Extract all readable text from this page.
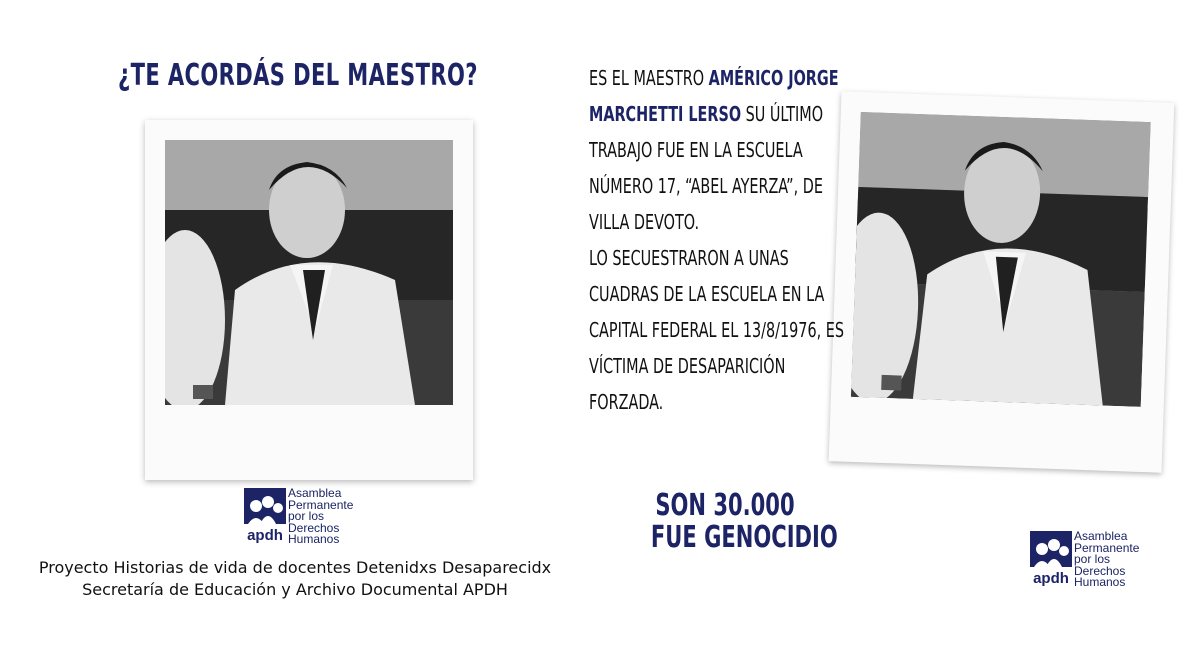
¿TE ACORDÁS DEL MAESTRO?	ES EL MAESTRO AMÉRICO JORGE MARCHETTI LERSO SU ÚLTIMO TRABAJO FUE EN LA ESCUELA NÚMERO 17, “ABEL AYERZA”, DE VILLA DEVOTO.
LO SECUESTRARON A UNAS CUADRAS DE LA ESCUELA EN LA CAPITAL FEDERAL EL 13/8/1976, ES VÍCTIMA DE DESAPARICIÓN FORZADA.
SON 30.000
FUE GENOCIDIO
apdh
Asamblea
Permanente
por los
Derechos
Humanos
apdh
Asamblea
Permanente
por los
Derechos
Humanos
Proyecto Historias de vida de docentes Detenidxs Desaparecidx
Secretaría de Educación y Archivo Documental APDH
